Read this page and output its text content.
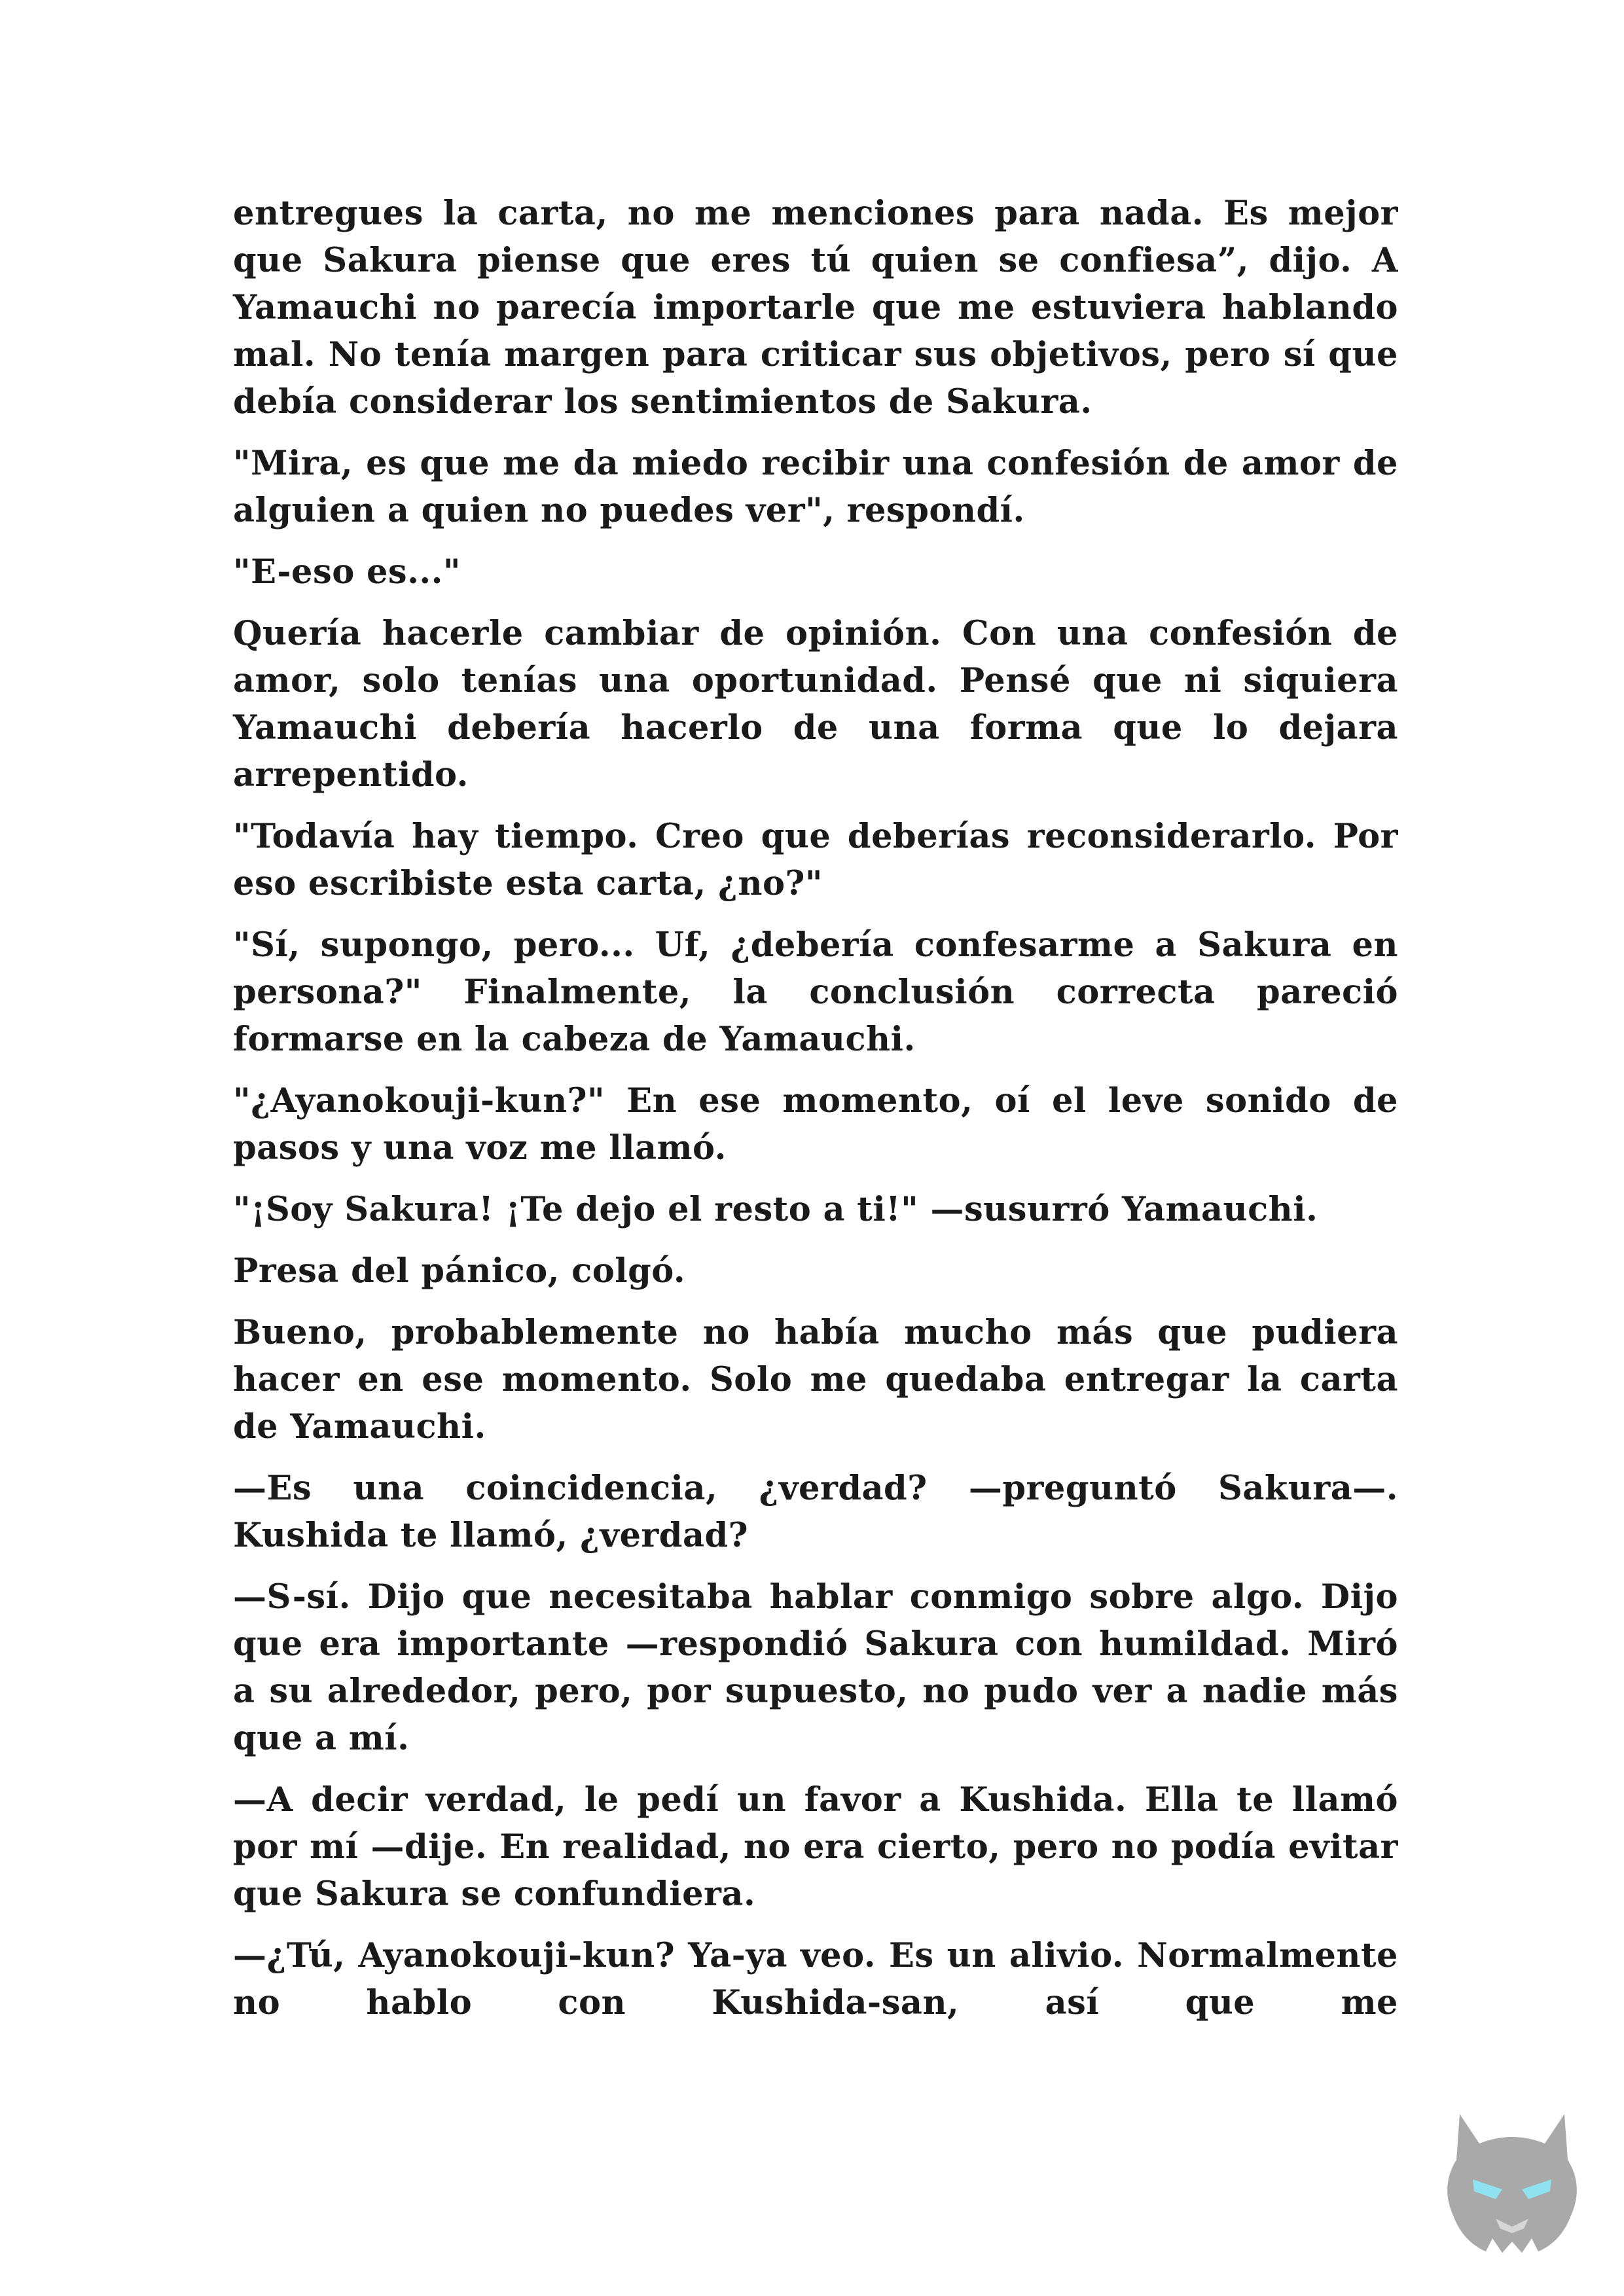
entregues la carta, no me menciones para nada. Es mejor que Sakura piense que eres tú quien se confiesa”, dijo. A Yamauchi no parecía importarle que me estuviera hablando mal. No tenía margen para criticar sus objetivos, pero sí que debía considerar los sentimientos de Sakura.

"Mira, es que me da miedo recibir una confesión de amor de alguien a quien no puedes ver", respondí.

"E-eso es..."

Quería hacerle cambiar de opinión. Con una confesión de amor, solo tenías una oportunidad. Pensé que ni siquiera Yamauchi debería hacerlo de una forma que lo dejara arrepentido.

"Todavía hay tiempo. Creo que deberías reconsiderarlo. Por eso escribiste esta carta, ¿no?"

"Sí, supongo, pero... Uf, ¿debería confesarme a Sakura en persona?" Finalmente, la conclusión correcta pareció formarse en la cabeza de Yamauchi.

"¿Ayanokouji-kun?" En ese momento, oí el leve sonido de pasos y una voz me llamó.

"¡Soy Sakura! ¡Te dejo el resto a ti!" —susurró Yamauchi.

Presa del pánico, colgó.

Bueno, probablemente no había mucho más que pudiera hacer en ese momento. Solo me quedaba entregar la carta de Yamauchi.

—Es una coincidencia, ¿verdad? —preguntó Sakura—. Kushida te llamó, ¿verdad?

—S-sí. Dijo que necesitaba hablar conmigo sobre algo. Dijo que era importante —respondió Sakura con humildad. Miró a su alrededor, pero, por supuesto, no pudo ver a nadie más que a mí.

—A decir verdad, le pedí un favor a Kushida. Ella te llamó por mí —dije. En realidad, no era cierto, pero no podía evitar que Sakura se confundiera.

—¿Tú, Ayanokouji-kun? Ya-ya veo. Es un alivio. Normalmente no hablo con Kushida-san, así que me
